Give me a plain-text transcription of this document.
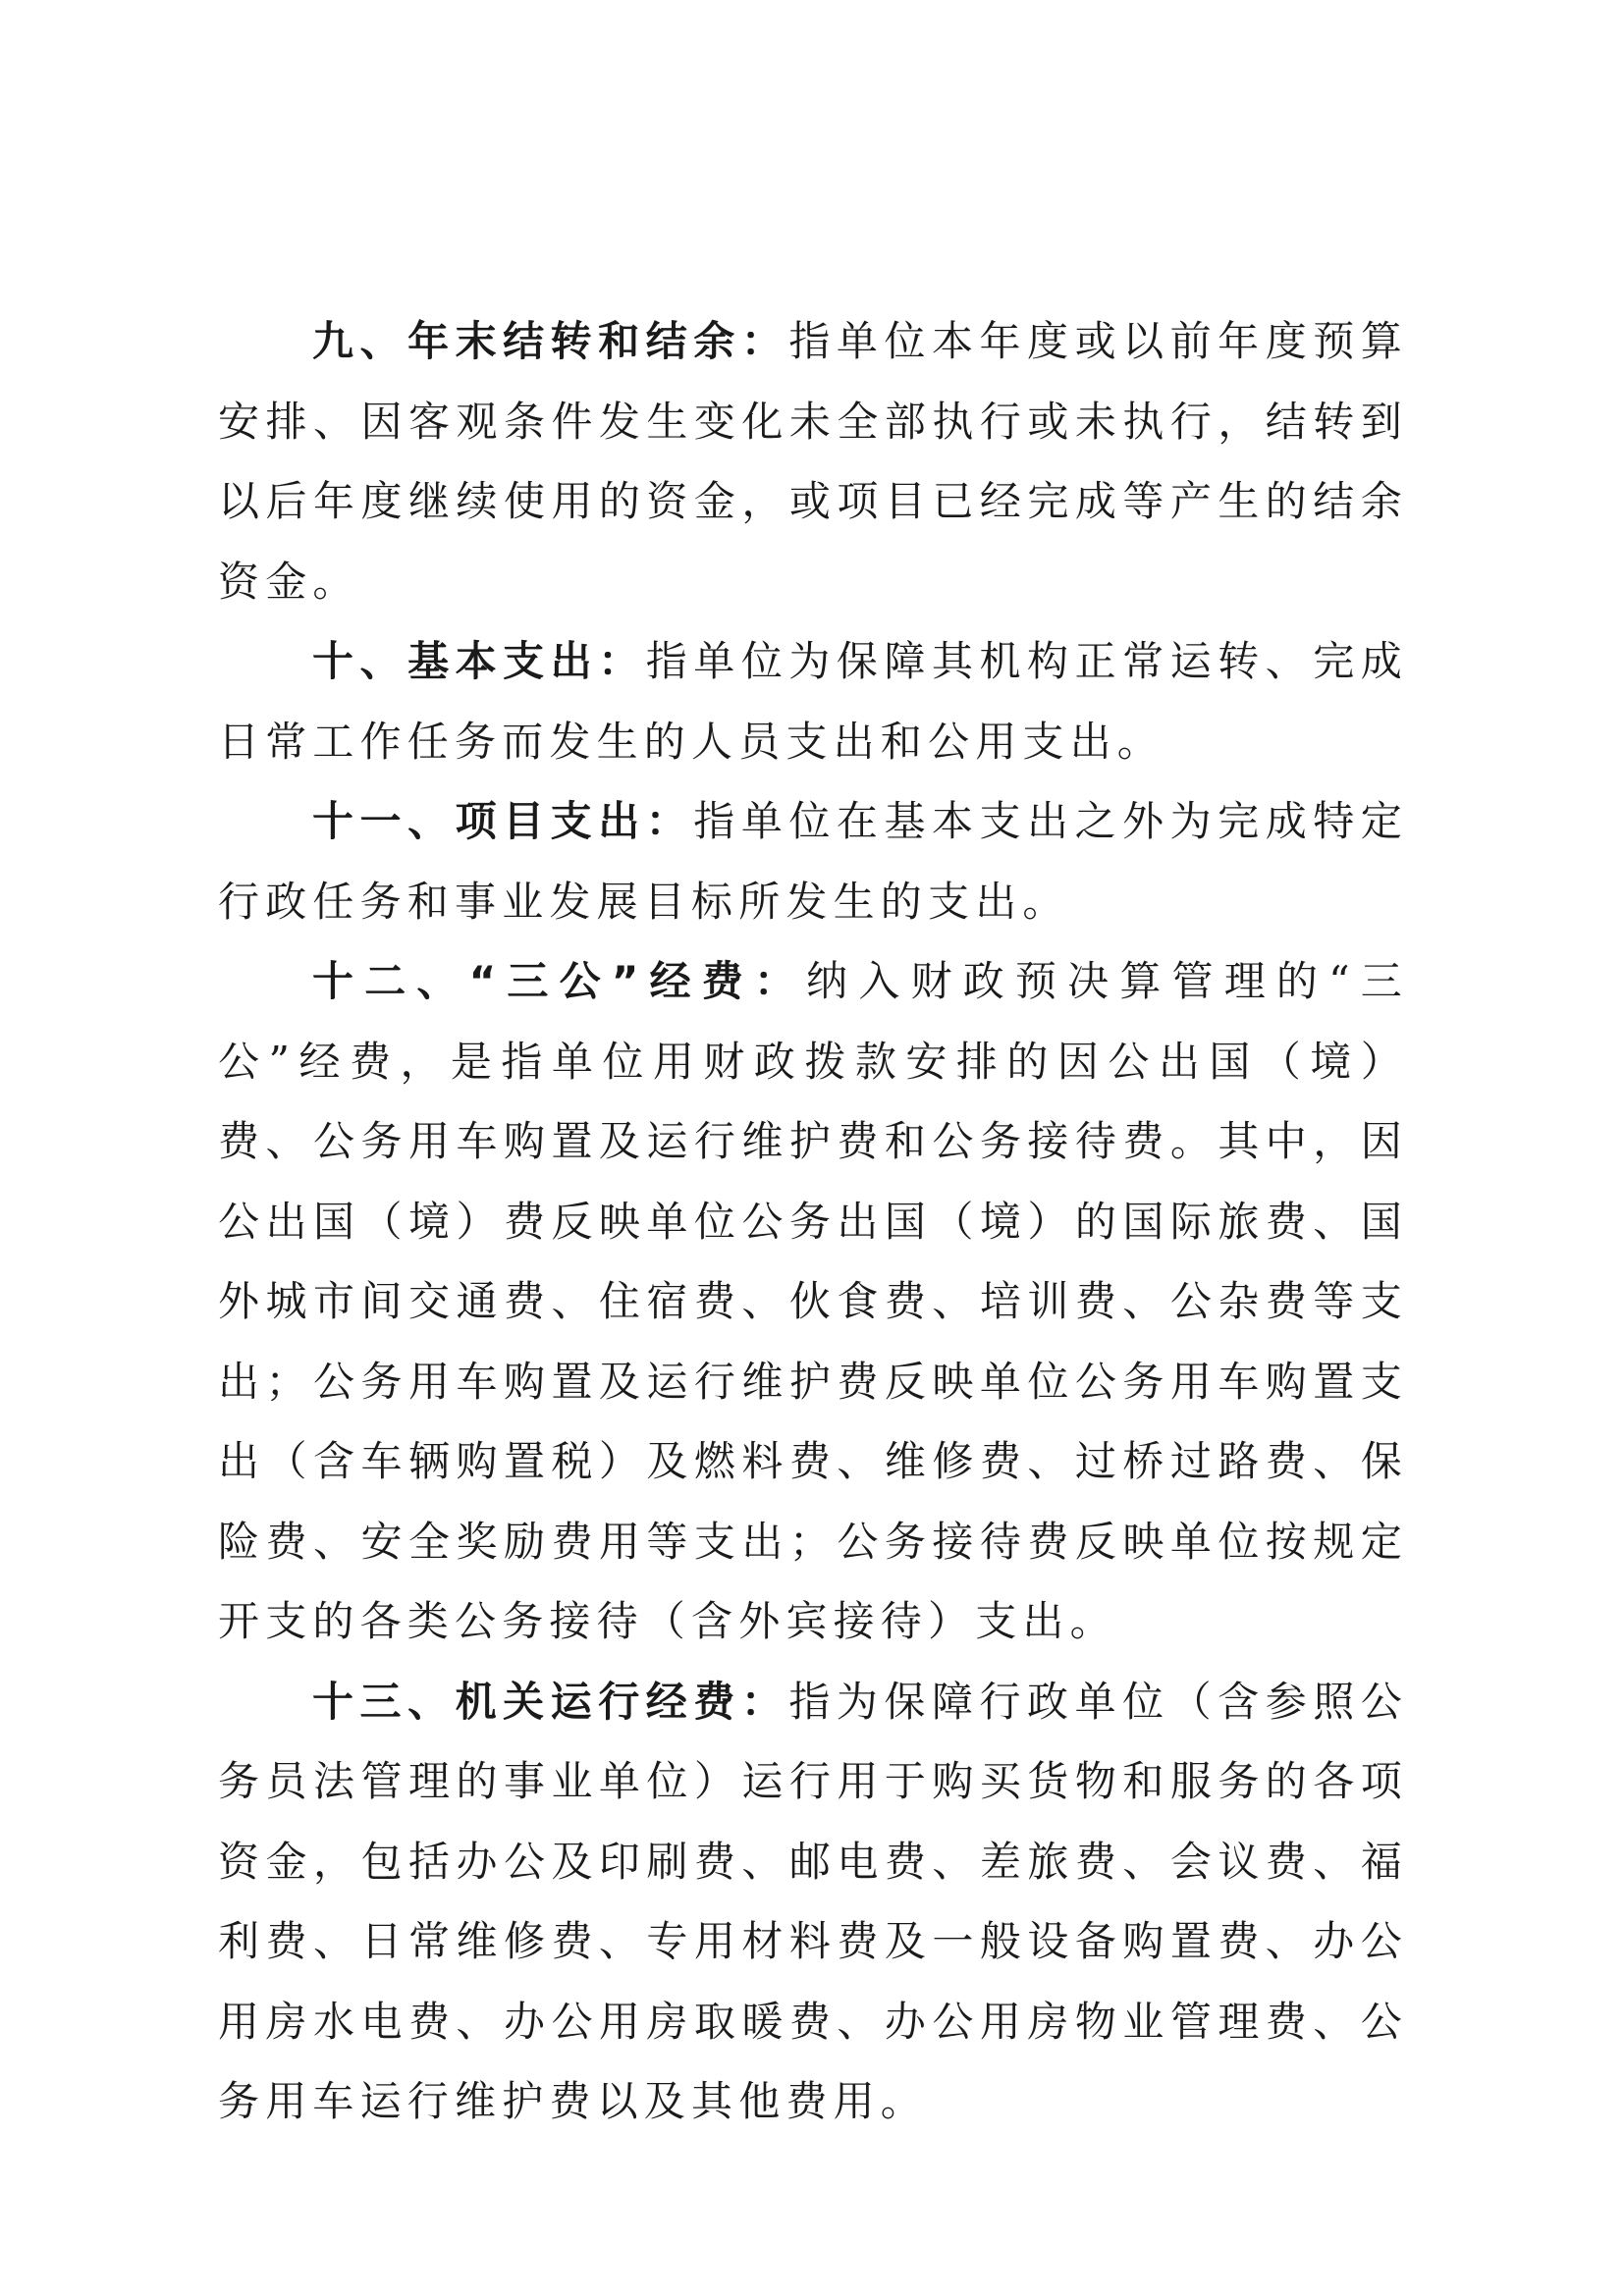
九、年末结转和结余：指单位本年度或以前年度预算安排、因客观条件发生变化未全部执行或未执行，结转到以后年度继续使用的资金，或项目已经完成等产生的结余资金。

十、基本支出：指单位为保障其机构正常运转、完成日常工作任务而发生的人员支出和公用支出。

十一、项目支出：指单位在基本支出之外为完成特定行政任务和事业发展目标所发生的支出。

十二、“三公”经费：纳入财政预决算管理的“三公”经费，是指单位用财政拨款安排的因公出国（境）费、公务用车购置及运行维护费和公务接待费。其中，因公出国（境）费反映单位公务出国（境）的国际旅费、国外城市间交通费、住宿费、伙食费、培训费、公杂费等支出；公务用车购置及运行维护费反映单位公务用车购置支出（含车辆购置税）及燃料费、维修费、过桥过路费、保险费、安全奖励费用等支出；公务接待费反映单位按规定开支的各类公务接待（含外宾接待）支出。

十三、机关运行经费：指为保障行政单位（含参照公务员法管理的事业单位）运行用于购买货物和服务的各项资金，包括办公及印刷费、邮电费、差旅费、会议费、福利费、日常维修费、专用材料费及一般设备购置费、办公用房水电费、办公用房取暖费、办公用房物业管理费、公务用车运行维护费以及其他费用。
